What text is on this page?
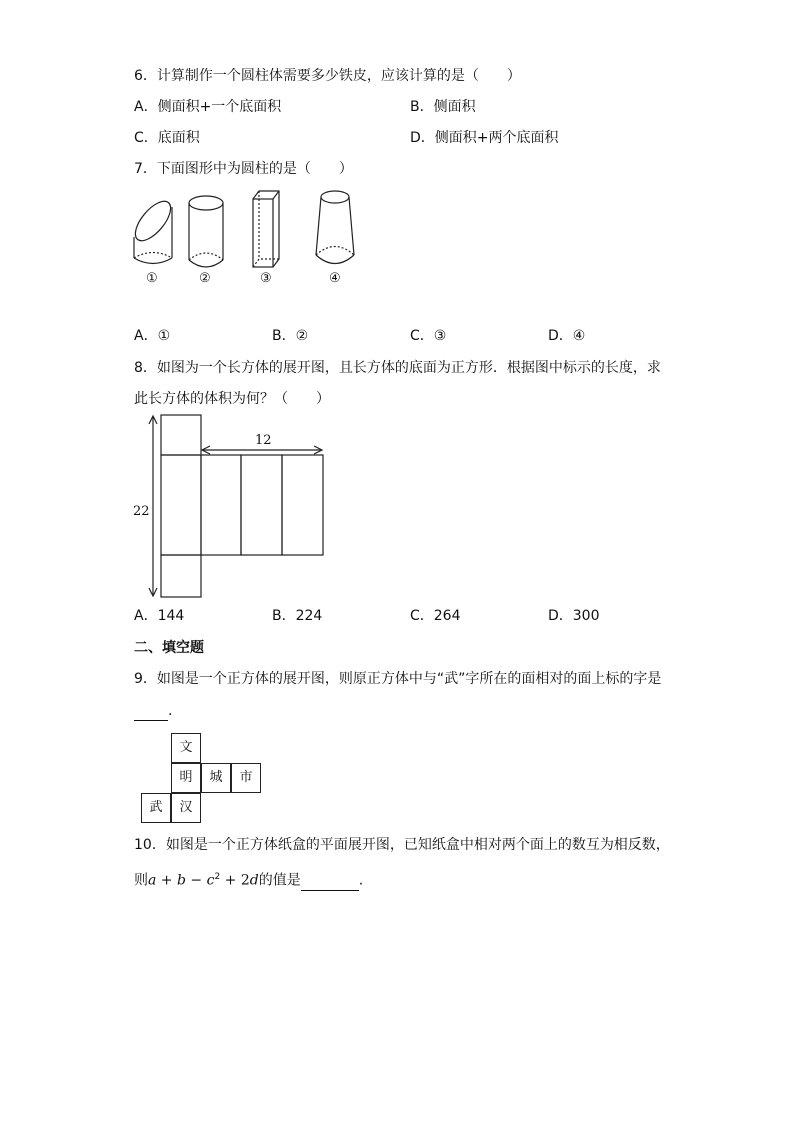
6．计算制作一个圆柱体需要多少铁皮，应该计算的是（　　）
A．侧面积+一个底面积	B．侧面积
C．底面积	D．侧面积+两个底面积
7．下面图形中为圆柱的是（　　）
①	②	③	④
A．①	B．②	C．③	D．④
8．如图为一个长方体的展开图，且长方体的底面为正方形．根据图中标示的长度，求
此长方体的体积为何？（　　）
12
22
A．144	B．224	C．264	D．300
二、填空题
9．如图是一个正方体的展开图，则原正方体中与“武”字所在的面相对的面上标的字是
.
文
明	城	市
武	汉
10．如图是一个正方体纸盒的平面展开图，已知纸盒中相对两个面上的数互为相反数，
则$a + b - c^2 + 2d$的值是	.
